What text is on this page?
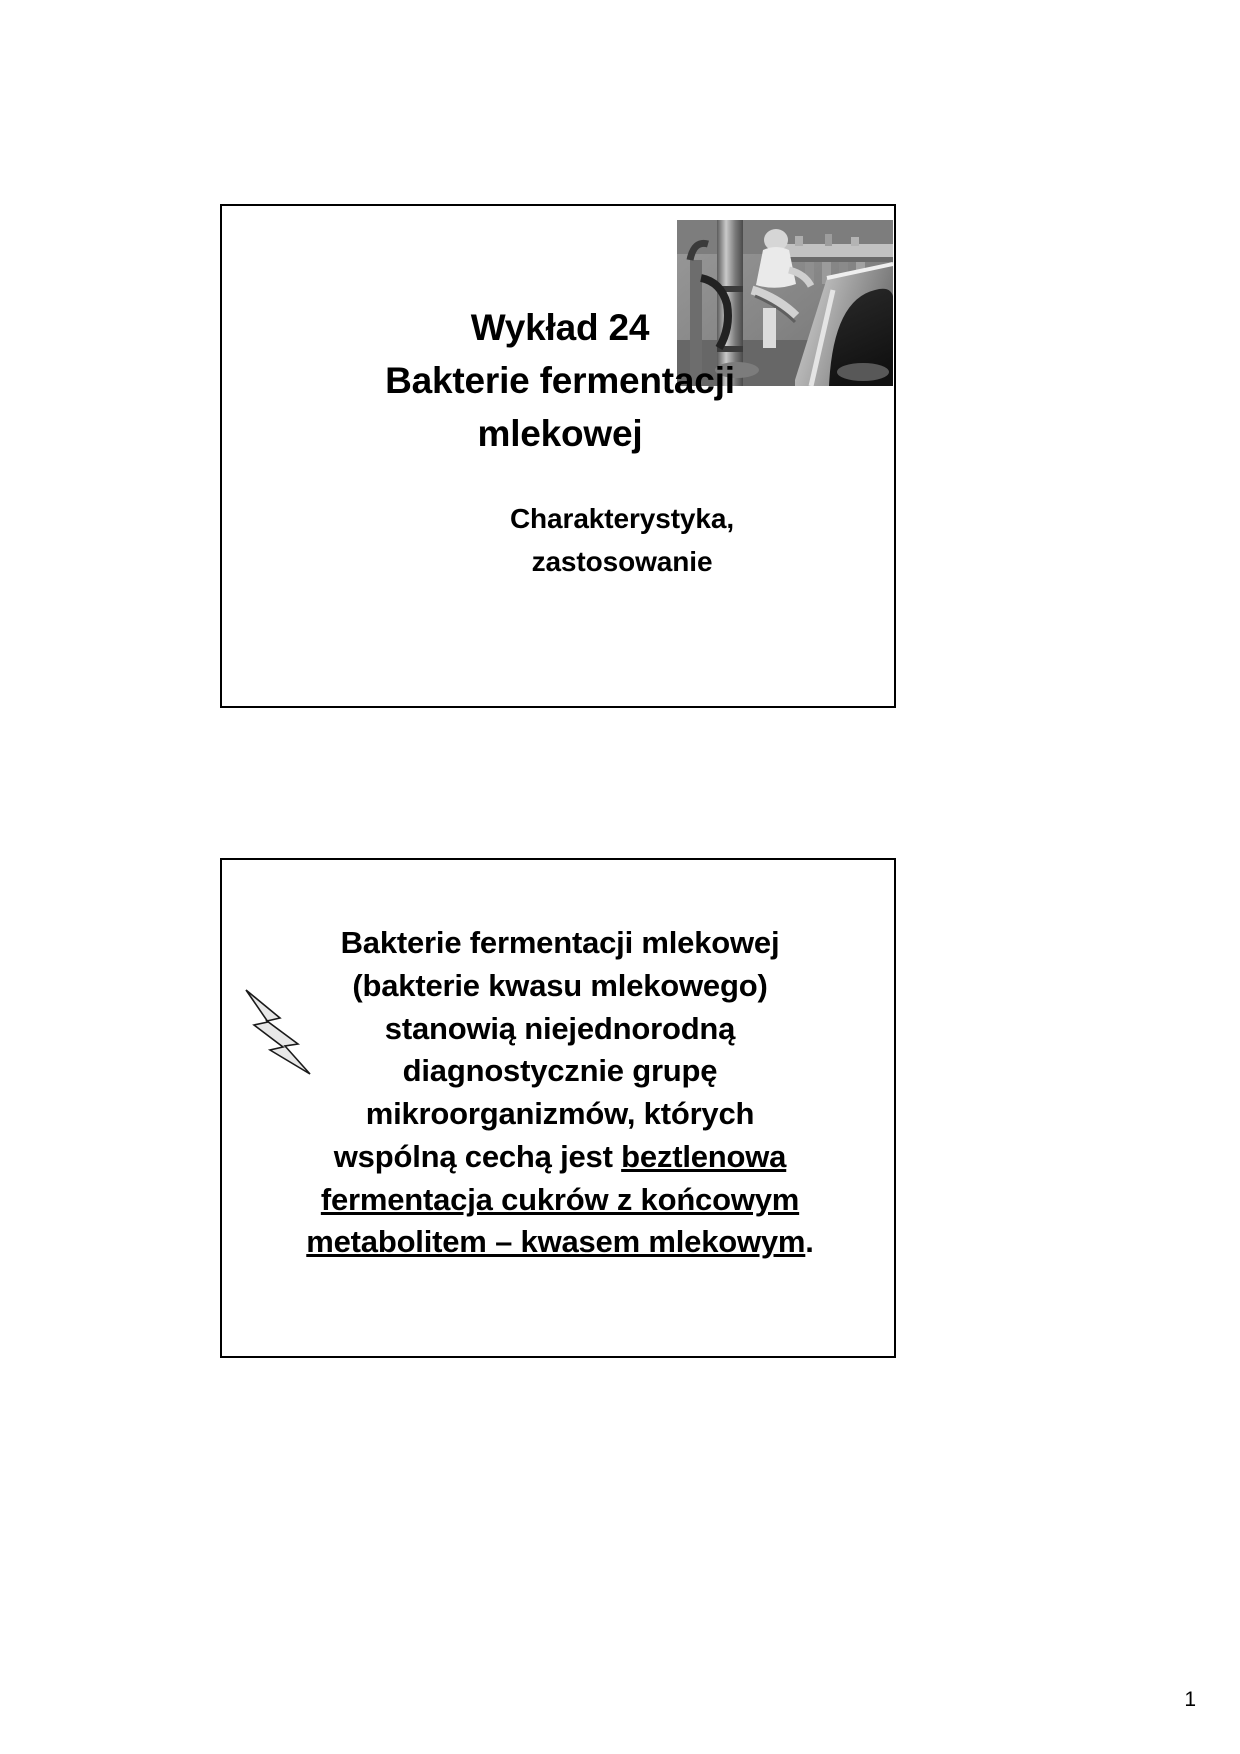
Wykład 24
Bakterie fermentacji
mlekowej
Charakterystyka,
zastosowanie
Bakterie fermentacji mlekowej
(bakterie kwasu mlekowego)
stanowią niejednorodną
diagnostycznie grupę
mikroorganizmów, których
wspólną cechą jest beztlenowa
fermentacja cukrów z końcowym
metabolitem – kwasem mlekowym.
1
